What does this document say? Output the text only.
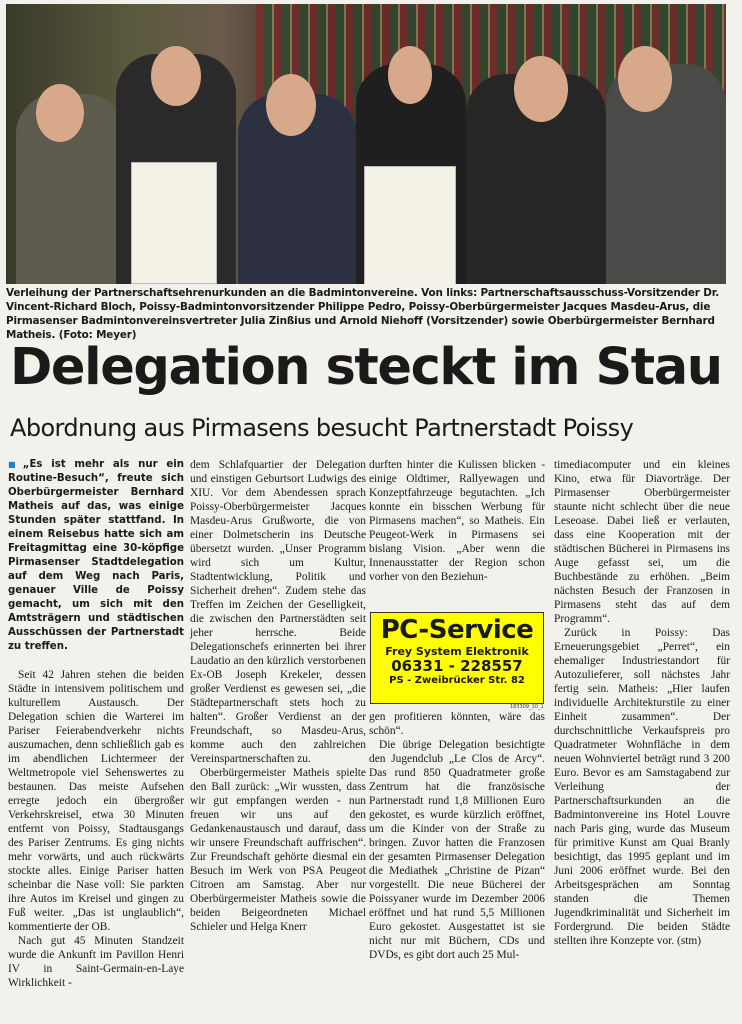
Verleihung der Partnerschaftsehrenurkunden an die Badmintonvereine. Von links: Partnerschaftsausschuss-Vorsitzender Dr. Vincent-Richard Bloch, Poissy-Badmintonvorsitzender Philippe Pedro, Poissy-Oberbürgermeister Jacques Masdeu-Arus, die Pirmasenser Badmintonvereinsvertreter Julia Zinßius und Arnold Niehoff (Vorsitzender) sowie Oberbürgermeister Bernhard Matheis. (Foto: Meyer)
Delegation steckt im Stau
Abordnung aus Pirmasens besucht Partnerstadt Poissy

■ „Es ist mehr als nur ein Routine-Besuch“, freute sich Oberbürgermeister Bernhard Matheis auf das, was einige Stunden später stattfand. In einem Reisebus hatte sich am Freitagmittag eine 30-köpfige Pirmasenser Stadtdelegation auf dem Weg nach Paris, genauer Ville de Poissy gemacht, um sich mit den Amtsträgern und städtischen Ausschüssen der Partnerstadt zu treffen.

Seit 42 Jahren stehen die beiden Städte in intensivem politischem und kulturellem Austausch. Der Delegation schien die Warterei im Pariser Feierabendverkehr nichts auszumachen, denn schließlich gab es im abendlichen Lichtermeer der Weltmetropole viel Sehenswertes zu bestaunen. Das meiste Aufsehen erregte jedoch ein übergroßer Verkehrskreisel, etwa 30 Minuten entfernt von Poissy, Stadtausgangs des Pariser Zentrums. Es ging nichts mehr vorwärts, und auch rückwärts stockte alles. Einige Pariser hatten scheinbar die Nase voll: Sie parkten ihre Autos im Kreisel und gingen zu Fuß weiter. „Das ist unglaublich“, kommentierte der OB.

Nach gut 45 Minuten Standzeit wurde die Ankunft im Pavillon Henri IV in Saint-Germain-en-Laye Wirklichkeit -

dem Schlafquartier der Delegation und einstigen Geburtsort Ludwigs des XIU. Vor dem Abendessen sprach Poissy-Oberbürgermeister Jacques Masdeu-Arus Grußworte, die von einer Dolmetscherin ins Deutsche übersetzt wurden. „Unser Programm wird sich um Kultur, Stadtentwicklung, Politik und Sicherheit drehen“. Zudem stehe das Treffen im Zeichen der Geselligkeit, die zwischen den Partnerstädten seit jeher herrsche. Beide Delegationschefs erinnerten bei ihrer Laudatio an den kürzlich verstorbenen Ex-OB Joseph Krekeler, dessen großer Verdienst es gewesen sei, „die Städtepartnerschaft stets hoch zu halten“. Großer Verdienst an der Freundschaft, so Masdeu-Arus, komme auch den zahlreichen Vereinspartnerschaften zu.

Oberbürgermeister Matheis spielte den Ball zurück: „Wir wussten, dass wir gut empfangen werden - nun freuen wir uns auf den Gedankenaustausch und darauf, dass wir unsere Freundschaft auffrischen“. Zur Freundschaft gehörte diesmal ein Besuch im Werk von PSA Peugeot Citroen am Samstag. Aber nur Oberbürgermeister Matheis sowie die beiden Beigeordneten Michael Schieler und Helga Knerr

durften hinter die Kulissen blicken - einige Oldtimer, Rallyewagen und Konzeptfahrzeuge begutachten. „Ich konnte ein bisschen Werbung für Pirmasens machen“, so Matheis. Ein Peugeot-Werk in Pirmasens sei bislang Vision. „Aber wenn die Innenausstatter der Region schon vorher von den Beziehun-

PC-Service
Frey System Elektronik
06331 - 228557
PS - Zweibrücker Str. 82
183309_10_1

gen profitieren könnten, wäre das schön“.

Die übrige Delegation besichtigte den Jugendclub „Le Clos de Arcy“. Das rund 850 Quadratmeter große Zentrum hat die französische Partnerstadt rund 1,8 Millionen Euro gekostet, es wurde kürzlich eröffnet, um die Kinder von der Straße zu bringen. Zuvor hatten die Franzosen der gesamten Pirmasenser Delegation die Mediathek „Christine de Pizan“ vorgestellt. Die neue Bücherei der Poissyaner wurde im Dezember 2006 eröffnet und hat rund 5,5 Millionen Euro gekostet. Ausgestattet ist sie nicht nur mit Büchern, CDs und DVDs, es gibt dort auch 25 Mul-

timediacomputer und ein kleines Kino, etwa für Diavorträge. Der Pirmasenser Oberbürgermeister staunte nicht schlecht über die neue Leseoase. Dabei ließ er verlauten, dass eine Kooperation mit der städtischen Bücherei in Pirmasens ins Auge gefasst sei, um die Buchbestände zu erhöhen. „Beim nächsten Besuch der Franzosen in Pirmasens steht das auf dem Programm“.

Zurück in Poissy: Das Erneuerungsgebiet „Perret“, ein ehemaliger Industriestandort für Autozulieferer, soll nächstes Jahr fertig sein. Matheis: „Hier laufen individuelle Architekturstile zu einer Einheit zusammen“. Der durchschnittliche Verkaufspreis pro Quadratmeter Wohnfläche in dem neuen Wohnviertel beträgt rund 3 200 Euro. Bevor es am Samstagabend zur Verleihung der Partnerschaftsurkunden an die Badmintonvereine ins Hotel Louvre nach Paris ging, wurde das Museum für primitive Kunst am Quai Branly besichtigt, das 1995 geplant und im Juni 2006 eröffnet wurde. Bei den Arbeitsgesprächen am Sonntag standen die Themen Jugendkriminalität und Sicherheit im Fordergrund. Die beiden Städte stellten ihre Konzepte vor. (stm)
